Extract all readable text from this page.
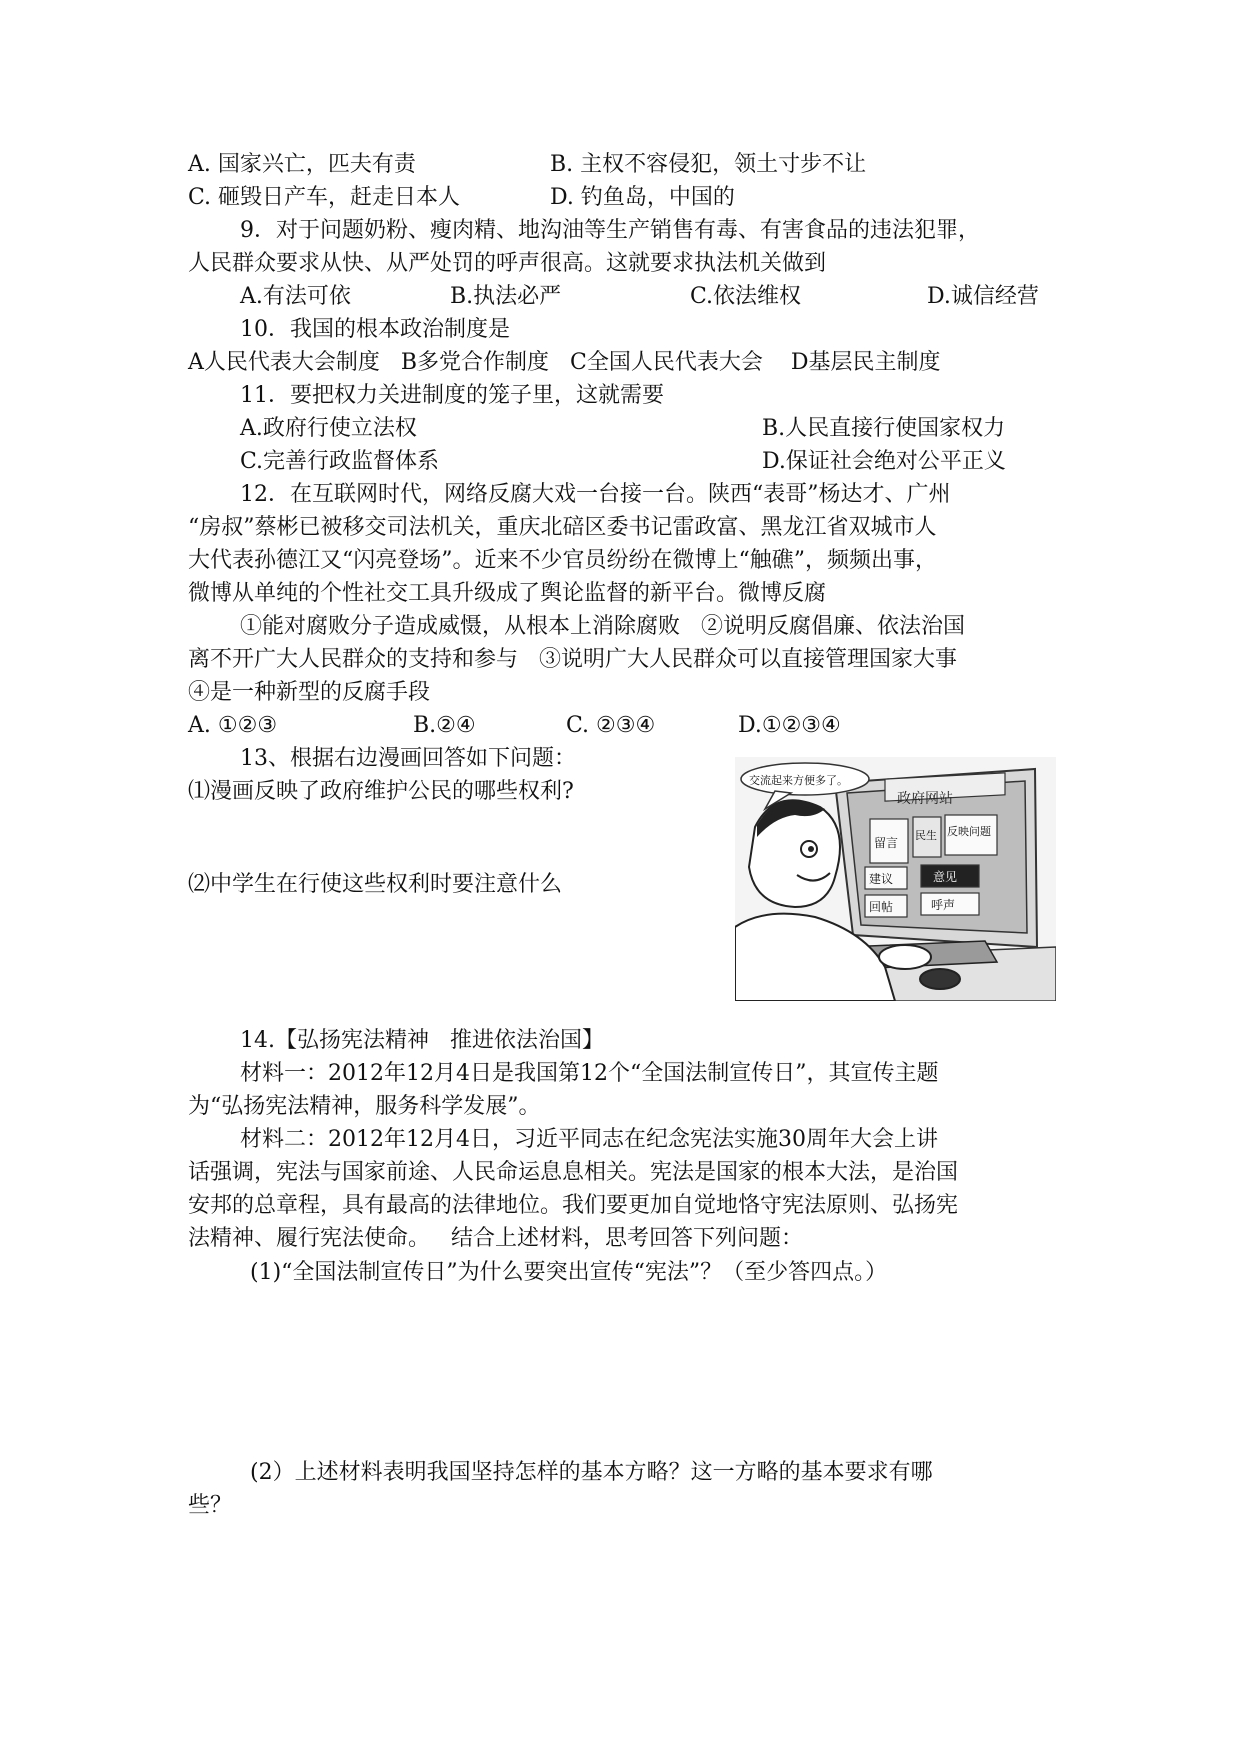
A. 国家兴亡，匹夫有责	B. 主权不容侵犯，领土寸步不让
C. 砸毁日产车，赶走日本人	D. 钓鱼岛，中国的
9．对于问题奶粉、瘦肉精、地沟油等生产销售有毒、有害食品的违法犯罪，
人民群众要求从快、从严处罚的呼声很高。这就要求执法机关做到
A.有法可依	B.执法必严	C.依法维权	D.诚信经营
10．我国的根本政治制度是
A人民代表大会制度   B多党合作制度   C全国人民代表大会    D基层民主制度
11．要把权力关进制度的笼子里，这就需要
A.政府行使立法权	B.人民直接行使国家权力
C.完善行政监督体系	D.保证社会绝对公平正义
12．在互联网时代，网络反腐大戏一台接一台。陕西“表哥”杨达才、广州
“房叔”蔡彬已被移交司法机关，重庆北碚区委书记雷政富、黑龙江省双城市人
大代表孙德江又“闪亮登场”。近来不少官员纷纷在微博上“触礁”，频频出事，
微博从单纯的个性社交工具升级成了舆论监督的新平台。微博反腐
①能对腐败分子造成威慑，从根本上消除腐败   ②说明反腐倡廉、依法治国
离不开广大人民群众的支持和参与   ③说明广大人民群众可以直接管理国家大事
④是一种新型的反腐手段
A. ①②③	B.②④	C. ②③④	D.①②③④
13、根据右边漫画回答如下问题：
⑴漫画反映了政府维护公民的哪些权利?
⑵中学生在行使这些权利时要注意什么
政府网站
留言
民生 反映问题
建议	意见
回帖	呼声
交流起来方便多了。
14.【弘扬宪法精神   推进依法治国】
材料一：2012年12月4日是我国第12个“全国法制宣传日”，其宣传主题
为“弘扬宪法精神，服务科学发展”。
材料二：2012年12月4日，习近平同志在纪念宪法实施30周年大会上讲
话强调，宪法与国家前途、人民命运息息相关。宪法是国家的根本大法，是治国
安邦的总章程，具有最高的法律地位。我们要更加自觉地恪守宪法原则、弘扬宪
法精神、履行宪法使命。   结合上述材料，思考回答下列问题：
(1)“全国法制宣传日”为什么要突出宣传“宪法”？（至少答四点。）
(2）上述材料表明我国坚持怎样的基本方略？这一方略的基本要求有哪
些？
